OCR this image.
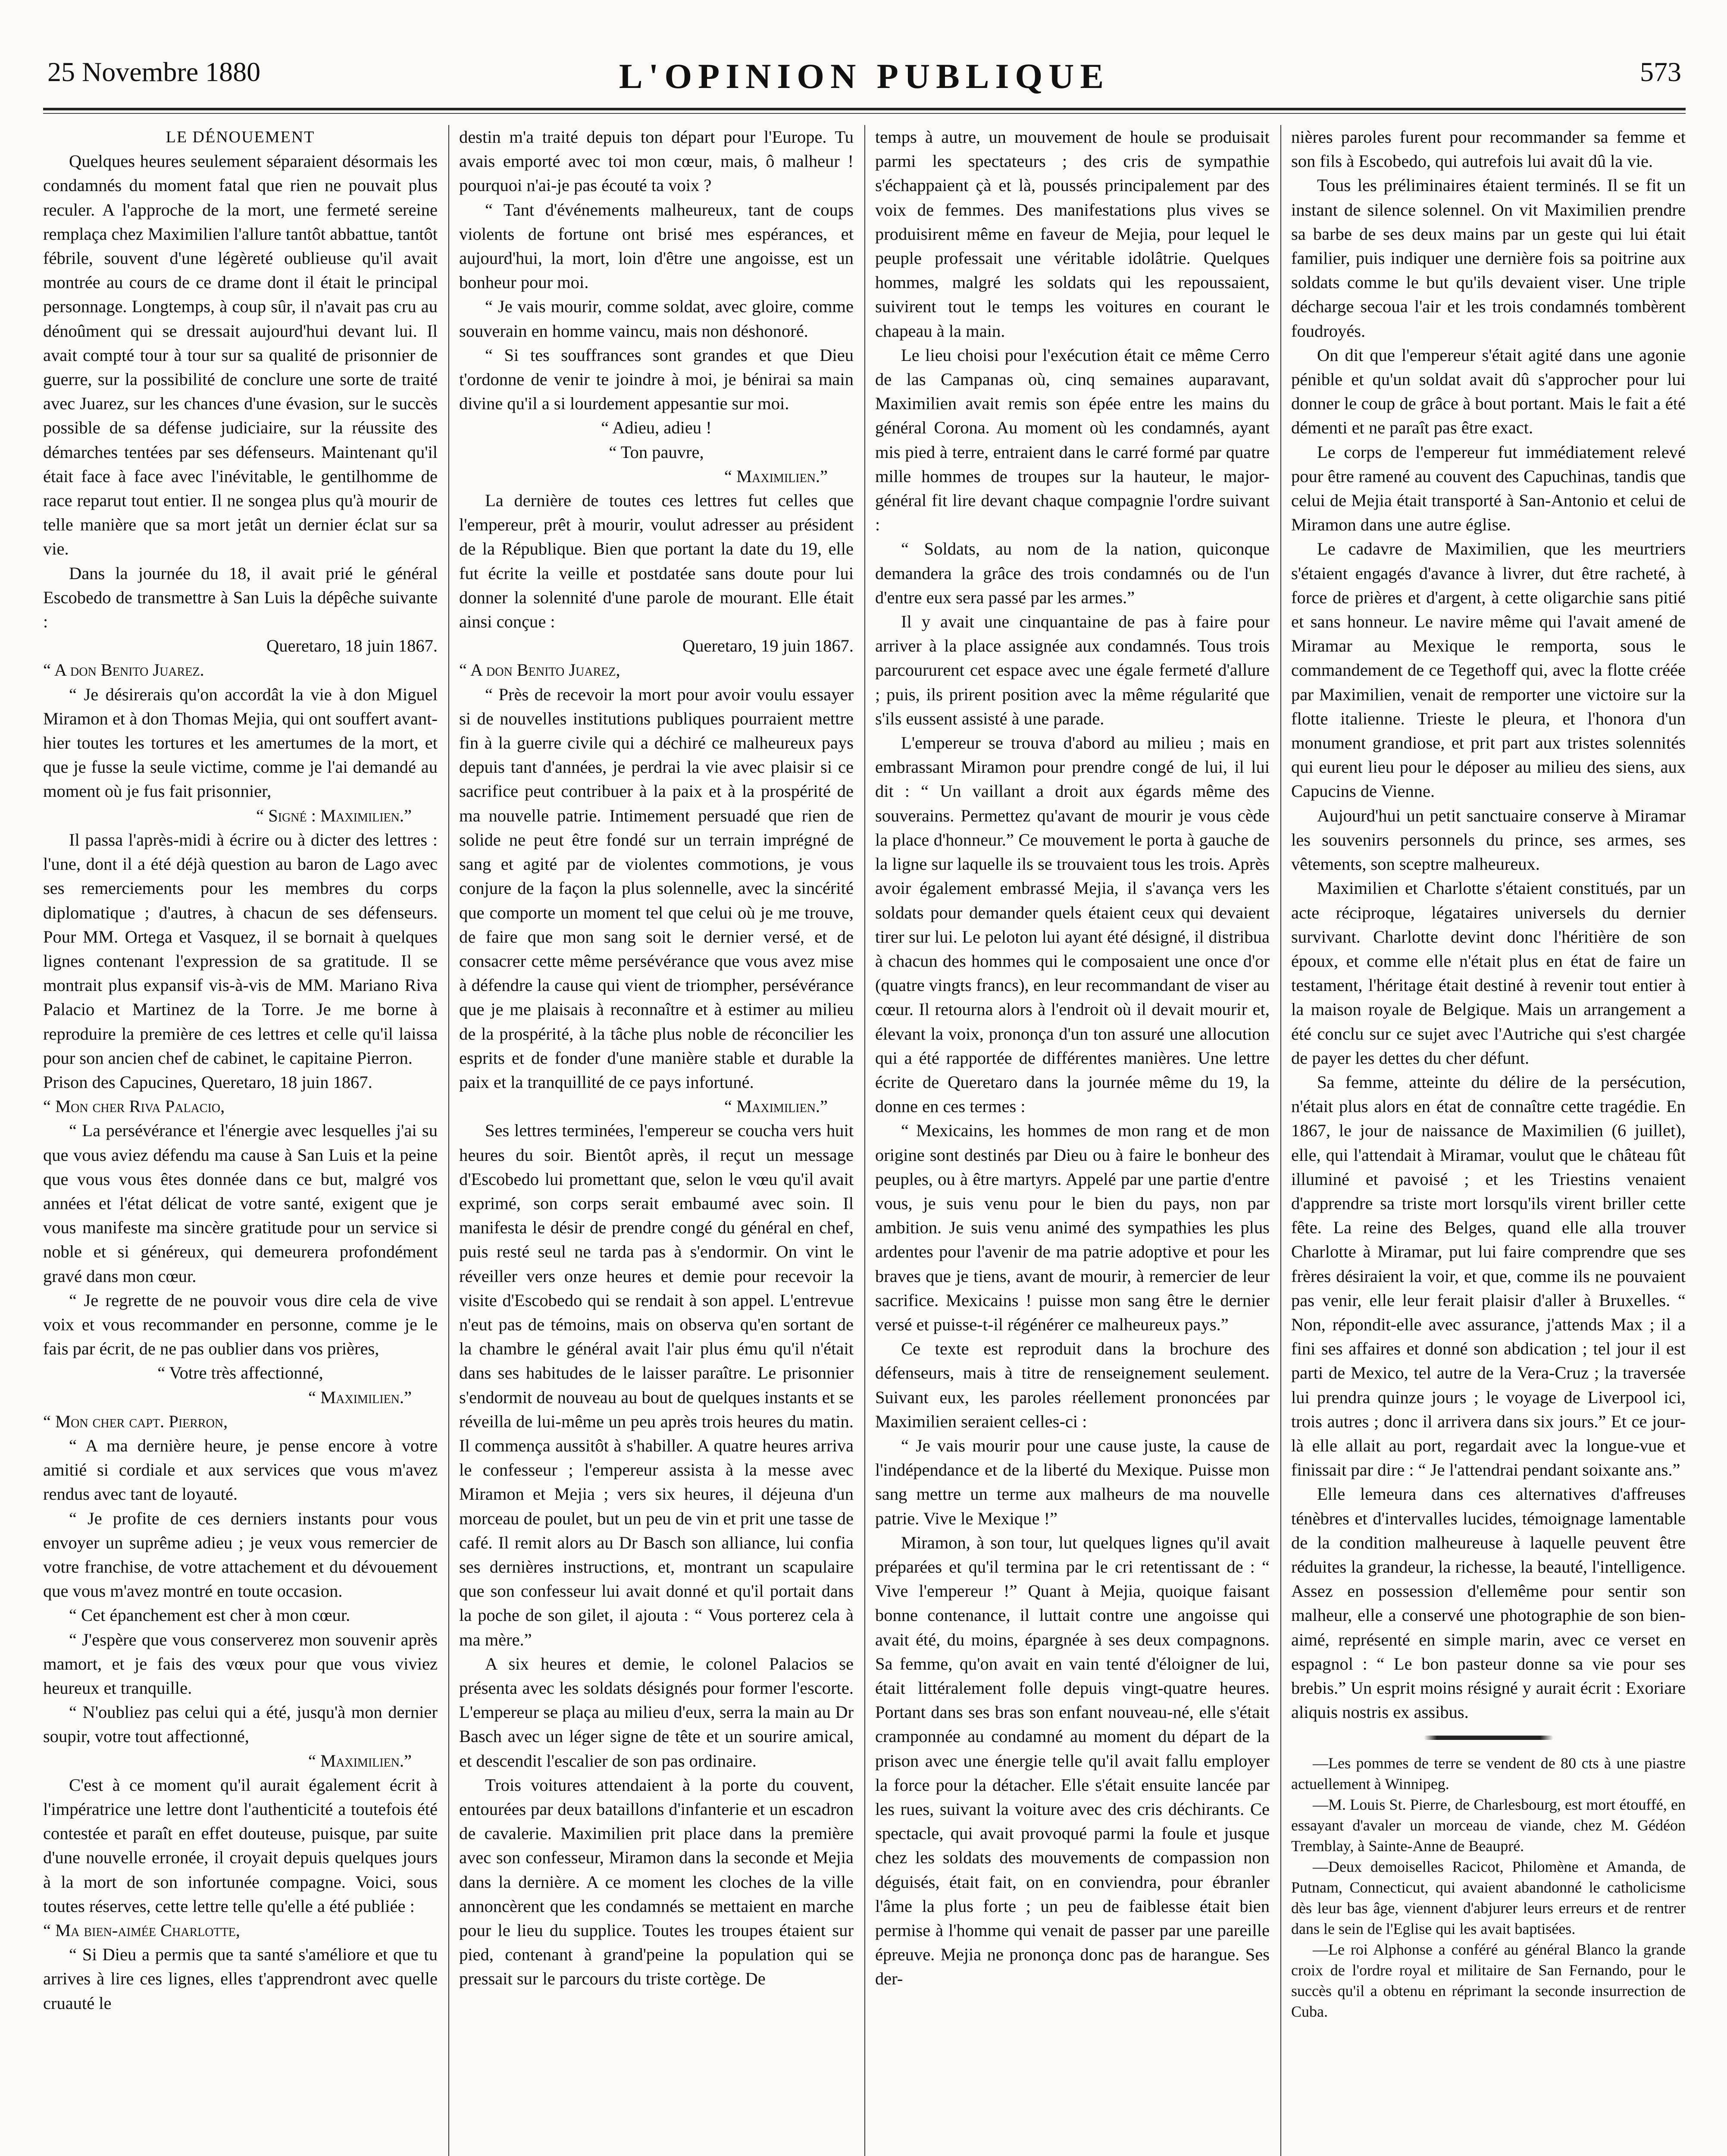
25 Novembre 1880	L'OPINION PUBLIQUE	573

LE DÉNOUEMENT

Quelques heures seulement séparaient désormais les condamnés du moment fatal que rien ne pouvait plus reculer. A l'approche de la mort, une fermeté sereine remplaça chez Maximilien l'allure tantôt abbattue, tantôt fébrile, souvent d'une légèreté oublieuse qu'il avait montrée au cours de ce drame dont il était le principal personnage. Longtemps, à coup sûr, il n'avait pas cru au dénoûment qui se dressait aujourd'hui devant lui. Il avait compté tour à tour sur sa qualité de prisonnier de guerre, sur la possibilité de conclure une sorte de traité avec Juarez, sur les chances d'une évasion, sur le succès possible de sa défense judiciaire, sur la réussite des démarches tentées par ses défenseurs. Maintenant qu'il était face à face avec l'inévitable, le gentilhomme de race reparut tout entier. Il ne songea plus qu'à mourir de telle manière que sa mort jetât un dernier éclat sur sa vie.

Dans la journée du 18, il avait prié le général Escobedo de transmettre à San Luis la dépêche suivante :

Queretaro, 18 juin 1867.

“ A don Benito Juarez.

“ Je désirerais qu'on accordât la vie à don Miguel Miramon et à don Thomas Mejia, qui ont souffert avant-hier toutes les tortures et les amertumes de la mort, et que je fusse la seule victime, comme je l'ai demandé au moment où je fus fait prisonnier,

“ Signé : Maximilien.”

Il passa l'après-midi à écrire ou à dicter des lettres : l'une, dont il a été déjà question au baron de Lago avec ses remerciements pour les membres du corps diplomatique ; d'autres, à chacun de ses défenseurs. Pour MM. Ortega et Vasquez, il se bornait à quelques lignes contenant l'expression de sa gratitude. Il se montrait plus expansif vis-à-vis de MM. Mariano Riva Palacio et Martinez de la Torre. Je me borne à reproduire la première de ces lettres et celle qu'il laissa pour son ancien chef de cabinet, le capitaine Pierron.

Prison des Capucines, Queretaro, 18 juin 1867.

“ Mon cher Riva Palacio,

“ La persévérance et l'énergie avec lesquelles j'ai su que vous aviez défendu ma cause à San Luis et la peine que vous vous êtes donnée dans ce but, malgré vos années et l'état délicat de votre santé, exigent que je vous manifeste ma sincère gratitude pour un service si noble et si généreux, qui demeurera profondément gravé dans mon cœur.

“ Je regrette de ne pouvoir vous dire cela de vive voix et vous recommander en personne, comme je le fais par écrit, de ne pas oublier dans vos prières,

“ Votre très affectionné,

“ Maximilien.”

“ Mon cher capt. Pierron,

“ A ma dernière heure, je pense encore à votre amitié si cordiale et aux services que vous m'avez rendus avec tant de loyauté.

“ Je profite de ces derniers instants pour vous envoyer un suprême adieu ; je veux vous remercier de votre franchise, de votre attachement et du dévouement que vous m'avez montré en toute occasion.

“ Cet épanchement est cher à mon cœur.

“ J'espère que vous conserverez mon souvenir après mamort, et je fais des vœux pour que vous viviez heureux et tranquille.

“ N'oubliez pas celui qui a été, jusqu'à mon dernier soupir, votre tout affectionné,

“ Maximilien.”

C'est à ce moment qu'il aurait également écrit à l'impératrice une lettre dont l'authenticité a toutefois été contestée et paraît en effet douteuse, puisque, par suite d'une nouvelle erronée, il croyait depuis quelques jours à la mort de son infortunée compagne. Voici, sous toutes réserves, cette lettre telle qu'elle a été publiée :

“ Ma bien-aimée Charlotte,

“ Si Dieu a permis que ta santé s'améliore et que tu arrives à lire ces lignes, elles t'apprendront avec quelle cruauté le

destin m'a traité depuis ton départ pour l'Europe. Tu avais emporté avec toi mon cœur, mais, ô malheur ! pourquoi n'ai-je pas écouté ta voix ?

“ Tant d'événements malheureux, tant de coups violents de fortune ont brisé mes espérances, et aujourd'hui, la mort, loin d'être une angoisse, est un bonheur pour moi.

“ Je vais mourir, comme soldat, avec gloire, comme souverain en homme vaincu, mais non déshonoré.

“ Si tes souffrances sont grandes et que Dieu t'ordonne de venir te joindre à moi, je bénirai sa main divine qu'il a si lourdement appesantie sur moi.

“ Adieu, adieu !

“ Ton pauvre,

“ Maximilien.”

La dernière de toutes ces lettres fut celles que l'empereur, prêt à mourir, voulut adresser au président de la République. Bien que portant la date du 19, elle fut écrite la veille et postdatée sans doute pour lui donner la solennité d'une parole de mourant. Elle était ainsi conçue :

Queretaro, 19 juin 1867.

“ A don Benito Juarez,

“ Près de recevoir la mort pour avoir voulu essayer si de nouvelles institutions publiques pourraient mettre fin à la guerre civile qui a déchiré ce malheureux pays depuis tant d'années, je perdrai la vie avec plaisir si ce sacrifice peut contribuer à la paix et à la prospérité de ma nouvelle patrie. Intimement persuadé que rien de solide ne peut être fondé sur un terrain imprégné de sang et agité par de violentes commotions, je vous conjure de la façon la plus solennelle, avec la sincérité que comporte un moment tel que celui où je me trouve, de faire que mon sang soit le dernier versé, et de consacrer cette même persévérance que vous avez mise à défendre la cause qui vient de triompher, persévérance que je me plaisais à reconnaître et à estimer au milieu de la prospérité, à la tâche plus noble de réconcilier les esprits et de fonder d'une manière stable et durable la paix et la tranquillité de ce pays infortuné.

“ Maximilien.”

Ses lettres terminées, l'empereur se coucha vers huit heures du soir. Bientôt après, il reçut un message d'Escobedo lui promettant que, selon le vœu qu'il avait exprimé, son corps serait embaumé avec soin. Il manifesta le désir de prendre congé du général en chef, puis resté seul ne tarda pas à s'endormir. On vint le réveiller vers onze heures et demie pour recevoir la visite d'Escobedo qui se rendait à son appel. L'entrevue n'eut pas de témoins, mais on observa qu'en sortant de la chambre le général avait l'air plus ému qu'il n'était dans ses habitudes de le laisser paraître. Le prisonnier s'endormit de nouveau au bout de quelques instants et se réveilla de lui-même un peu après trois heures du matin. Il commença aussitôt à s'habiller. A quatre heures arriva le confesseur ; l'empereur assista à la messe avec Miramon et Mejia ; vers six heures, il déjeuna d'un morceau de poulet, but un peu de vin et prit une tasse de café. Il remit alors au Dr Basch son alliance, lui confia ses dernières instructions, et, montrant un scapulaire que son confesseur lui avait donné et qu'il portait dans la poche de son gilet, il ajouta : “ Vous porterez cela à ma mère.”

A six heures et demie, le colonel Palacios se présenta avec les soldats désignés pour former l'escorte. L'empereur se plaça au milieu d'eux, serra la main au Dr Basch avec un léger signe de tête et un sourire amical, et descendit l'escalier de son pas ordinaire.

Trois voitures attendaient à la porte du couvent, entourées par deux bataillons d'infanterie et un escadron de cavalerie. Maximilien prit place dans la première avec son confesseur, Miramon dans la seconde et Mejia dans la dernière. A ce moment les cloches de la ville annoncèrent que les condamnés se mettaient en marche pour le lieu du supplice. Toutes les troupes étaient sur pied, contenant à grand'peine la population qui se pressait sur le parcours du triste cortège. De

temps à autre, un mouvement de houle se produisait parmi les spectateurs ; des cris de sympathie s'échappaient çà et là, poussés principalement par des voix de femmes. Des manifestations plus vives se produisirent même en faveur de Mejia, pour lequel le peuple professait une véritable idolâtrie. Quelques hommes, malgré les soldats qui les repoussaient, suivirent tout le temps les voitures en courant le chapeau à la main.

Le lieu choisi pour l'exécution était ce même Cerro de las Campanas où, cinq semaines auparavant, Maximilien avait remis son épée entre les mains du général Corona. Au moment où les condamnés, ayant mis pied à terre, entraient dans le carré formé par quatre mille hommes de troupes sur la hauteur, le major-général fit lire devant chaque compagnie l'ordre suivant :

“ Soldats, au nom de la nation, quiconque demandera la grâce des trois condamnés ou de l'un d'entre eux sera passé par les armes.”

Il y avait une cinquantaine de pas à faire pour arriver à la place assignée aux condamnés. Tous trois parcoururent cet espace avec une égale fermeté d'allure ; puis, ils prirent position avec la même régularité que s'ils eussent assisté à une parade.

L'empereur se trouva d'abord au milieu ; mais en embrassant Miramon pour prendre congé de lui, il lui dit : “ Un vaillant a droit aux égards même des souverains. Permettez qu'avant de mourir je vous cède la place d'honneur.” Ce mouvement le porta à gauche de la ligne sur laquelle ils se trouvaient tous les trois. Après avoir également embrassé Mejia, il s'avança vers les soldats pour demander quels étaient ceux qui devaient tirer sur lui. Le peloton lui ayant été désigné, il distribua à chacun des hommes qui le composaient une once d'or (quatre vingts francs), en leur recommandant de viser au cœur. Il retourna alors à l'endroit où il devait mourir et, élevant la voix, prononça d'un ton assuré une allocution qui a été rapportée de différentes manières. Une lettre écrite de Queretaro dans la journée même du 19, la donne en ces termes :

“ Mexicains, les hommes de mon rang et de mon origine sont destinés par Dieu ou à faire le bonheur des peuples, ou à être martyrs. Appelé par une partie d'entre vous, je suis venu pour le bien du pays, non par ambition. Je suis venu animé des sympathies les plus ardentes pour l'avenir de ma patrie adoptive et pour les braves que je tiens, avant de mourir, à remercier de leur sacrifice. Mexicains ! puisse mon sang être le dernier versé et puisse-t-il régénérer ce malheureux pays.”

Ce texte est reproduit dans la brochure des défenseurs, mais à titre de renseignement seulement. Suivant eux, les paroles réellement prononcées par Maximilien seraient celles-ci :

“ Je vais mourir pour une cause juste, la cause de l'indépendance et de la liberté du Mexique. Puisse mon sang mettre un terme aux malheurs de ma nouvelle patrie. Vive le Mexique !”

Miramon, à son tour, lut quelques lignes qu'il avait préparées et qu'il termina par le cri retentissant de : “ Vive l'empereur !” Quant à Mejia, quoique faisant bonne contenance, il luttait contre une angoisse qui avait été, du moins, épargnée à ses deux compagnons. Sa femme, qu'on avait en vain tenté d'éloigner de lui, était littéralement folle depuis vingt-quatre heures. Portant dans ses bras son enfant nouveau-né, elle s'était cramponnée au condamné au moment du départ de la prison avec une énergie telle qu'il avait fallu employer la force pour la détacher. Elle s'était ensuite lancée par les rues, suivant la voiture avec des cris déchirants. Ce spectacle, qui avait provoqué parmi la foule et jusque chez les soldats des mouvements de compassion non déguisés, était fait, on en conviendra, pour ébranler l'âme la plus forte ; un peu de faiblesse était bien permise à l'homme qui venait de passer par une pareille épreuve. Mejia ne prononça donc pas de harangue. Ses der-

nières paroles furent pour recommander sa femme et son fils à Escobedo, qui autrefois lui avait dû la vie.

Tous les préliminaires étaient terminés. Il se fit un instant de silence solennel. On vit Maximilien prendre sa barbe de ses deux mains par un geste qui lui était familier, puis indiquer une dernière fois sa poitrine aux soldats comme le but qu'ils devaient viser. Une triple décharge secoua l'air et les trois condamnés tombèrent foudroyés.

On dit que l'empereur s'était agité dans une agonie pénible et qu'un soldat avait dû s'approcher pour lui donner le coup de grâce à bout portant. Mais le fait a été démenti et ne paraît pas être exact.

Le corps de l'empereur fut immédiatement relevé pour être ramené au couvent des Capuchinas, tandis que celui de Mejia était transporté à San-Antonio et celui de Miramon dans une autre église.

Le cadavre de Maximilien, que les meurtriers s'étaient engagés d'avance à livrer, dut être racheté, à force de prières et d'argent, à cette oligarchie sans pitié et sans honneur. Le navire même qui l'avait amené de Miramar au Mexique le remporta, sous le commandement de ce Tegethoff qui, avec la flotte créée par Maximilien, venait de remporter une victoire sur la flotte italienne. Trieste le pleura, et l'honora d'un monument grandiose, et prit part aux tristes solennités qui eurent lieu pour le déposer au milieu des siens, aux Capucins de Vienne.

Aujourd'hui un petit sanctuaire conserve à Miramar les souvenirs personnels du prince, ses armes, ses vêtements, son sceptre malheureux.

Maximilien et Charlotte s'étaient constitués, par un acte réciproque, légataires universels du dernier survivant. Charlotte devint donc l'héritière de son époux, et comme elle n'était plus en état de faire un testament, l'héritage était destiné à revenir tout entier à la maison royale de Belgique. Mais un arrangement a été conclu sur ce sujet avec l'Autriche qui s'est chargée de payer les dettes du cher défunt.

Sa femme, atteinte du délire de la persécution, n'était plus alors en état de connaître cette tragédie. En 1867, le jour de naissance de Maximilien (6 juillet), elle, qui l'attendait à Miramar, voulut que le château fût illuminé et pavoisé ; et les Triestins venaient d'apprendre sa triste mort lorsqu'ils virent briller cette fête. La reine des Belges, quand elle alla trouver Charlotte à Miramar, put lui faire comprendre que ses frères désiraient la voir, et que, comme ils ne pouvaient pas venir, elle leur ferait plaisir d'aller à Bruxelles. “ Non, répondit-elle avec assurance, j'attends Max ; il a fini ses affaires et donné son abdication ; tel jour il est parti de Mexico, tel autre de la Vera-Cruz ; la traversée lui prendra quinze jours ; le voyage de Liverpool ici, trois autres ; donc il arrivera dans six jours.” Et ce jour-là elle allait au port, regardait avec la longue-vue et finissait par dire : “ Je l'attendrai pendant soixante ans.”

Elle lemeura dans ces alternatives d'affreuses ténèbres et d'intervalles lucides, témoignage lamentable de la condition malheureuse à laquelle peuvent être réduites la grandeur, la richesse, la beauté, l'intelligence. Assez en possession d'ellemême pour sentir son malheur, elle a conservé une photographie de son bien-aimé, représenté en simple marin, avec ce verset en espagnol : “ Le bon pasteur donne sa vie pour ses brebis.” Un esprit moins résigné y aurait écrit : Exoriare aliquis nostris ex assibus.

—Les pommes de terre se vendent de 80 cts à une piastre actuellement à Winnipeg.

—M. Louis St. Pierre, de Charlesbourg, est mort étouffé, en essayant d'avaler un morceau de viande, chez M. Gédéon Tremblay, à Sainte-Anne de Beaupré.

—Deux demoiselles Racicot, Philomène et Amanda, de Putnam, Connecticut, qui avaient abandonné le catholicisme dès leur bas âge, viennent d'abjurer leurs erreurs et de rentrer dans le sein de l'Eglise qui les avait baptisées.

—Le roi Alphonse a conféré au général Blanco la grande croix de l'ordre royal et militaire de San Fernando, pour le succès qu'il a obtenu en réprimant la seconde insurrection de Cuba.
